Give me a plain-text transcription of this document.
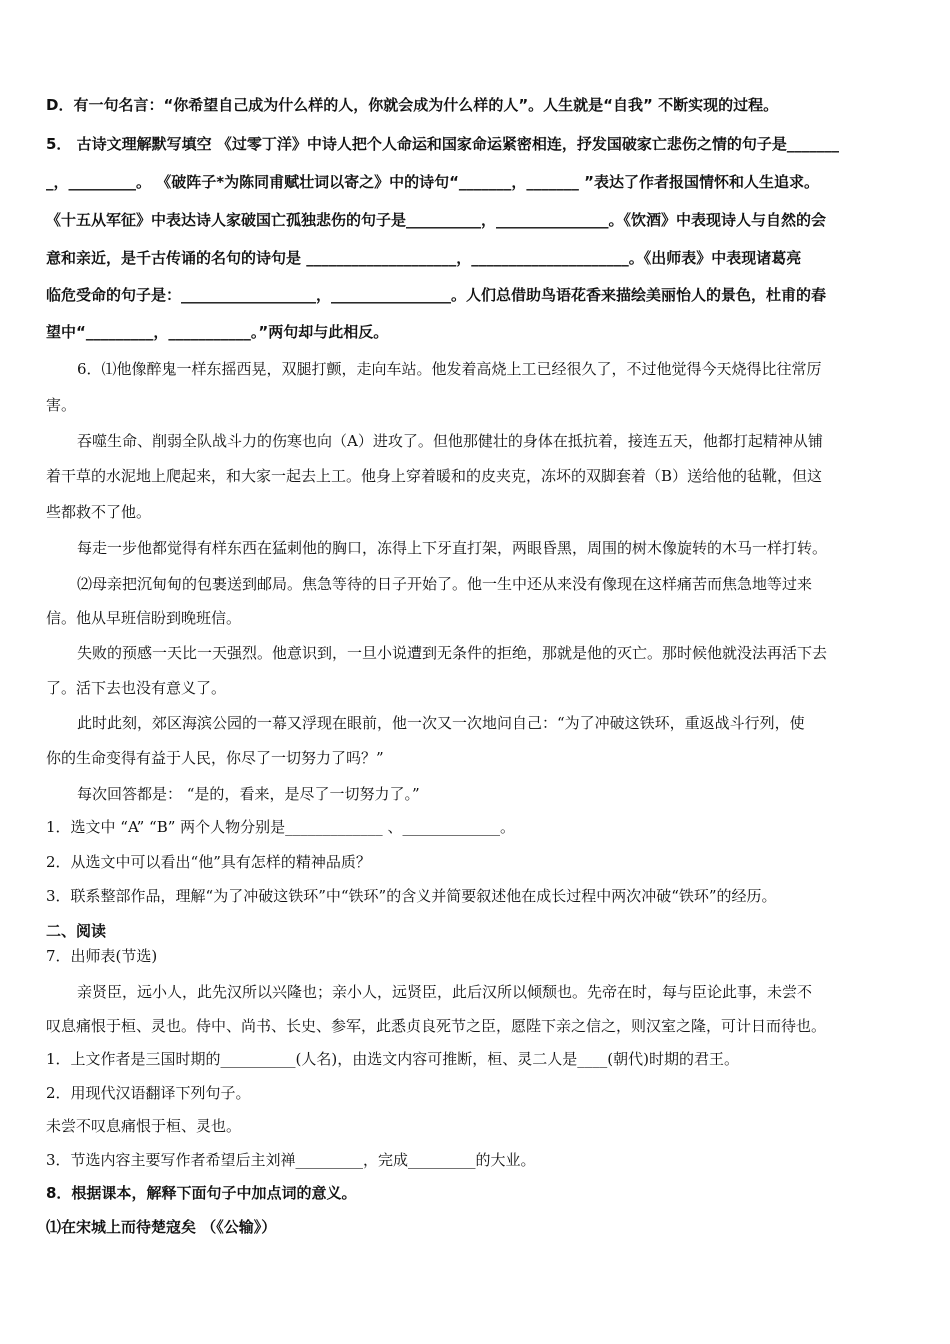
D．有一句名言：“你希望自己成为什么样的人，你就会成为什么样的人”。人生就是“自我” 不断实现的过程。
5． 古诗文理解默写填空 《过零丁洋》中诗人把个人命运和国家命运紧密相连，抒发国破家亡悲伤之情的句子是_______
_，_________。 《破阵子*为陈同甫赋壮词以寄之》中的诗句“_______，_______ ”表达了作者报国情怀和人生追求。
《十五从军征》中表达诗人家破国亡孤独悲伤的句子是__________，_______________。《饮酒》中表现诗人与自然的会
意和亲近，是千古传诵的名句的诗句是 ____________________，_____________________。《出师表》中表现诸葛亮
临危受命的句子是：__________________，________________。人们总借助鸟语花香来描绘美丽怡人的景色，杜甫的春
望中“_________，___________。”两句却与此相反。
6．⑴他像醉鬼一样东摇西晃，双腿打颤，走向车站。他发着高烧上工已经很久了，不过他觉得今天烧得比往常厉
害。
吞噬生命、削弱全队战斗力的伤寒也向（A）进攻了。但他那健壮的身体在抵抗着，接连五天，他都打起精神从铺
着干草的水泥地上爬起来，和大家一起去上工。他身上穿着暖和的皮夹克，冻坏的双脚套着（B）送给他的毡靴，但这
些都救不了他。
每走一步他都觉得有样东西在猛刺他的胸口，冻得上下牙直打架，两眼昏黑，周围的树木像旋转的木马一样打转。
⑵母亲把沉甸甸的包裹送到邮局。焦急等待的日子开始了。他一生中还从来没有像现在这样痛苦而焦急地等过来
信。他从早班信盼到晚班信。
失败的预感一天比一天强烈。他意识到，一旦小说遭到无条件的拒绝，那就是他的灭亡。那时候他就没法再活下去
了。活下去也没有意义了。
此时此刻，郊区海滨公园的一幕又浮现在眼前，他一次又一次地问自己：“为了冲破这铁环，重返战斗行列，使
你的生命变得有益于人民，你尽了一切努力了吗？”
每次回答都是： “是的，看来，是尽了一切努力了。”
1．选文中 “A” “B” 两个人物分别是_____________ 、_____________。
2．从选文中可以看出“他”具有怎样的精神品质？
3．联系整部作品，理解“为了冲破这铁环”中“铁环”的含义并简要叙述他在成长过程中两次冲破“铁环”的经历。
二、阅读
7．出师表(节选)
亲贤臣，远小人，此先汉所以兴隆也；亲小人，远贤臣，此后汉所以倾颓也。先帝在时，每与臣论此事，未尝不
叹息痛恨于桓、灵也。侍中、尚书、长史、参军，此悉贞良死节之臣，愿陛下亲之信之，则汉室之隆，可计日而待也。
1．上文作者是三国时期的__________(人名)，由选文内容可推断，桓、灵二人是____(朝代)时期的君王。
2．用现代汉语翻译下列句子。
未尝不叹息痛恨于桓、灵也。
3．节选内容主要写作者希望后主刘禅_________，完成_________的大业。
8．根据课本，解释下面句子中加点词的意义。
⑴在宋城上而待楚寇矣 （《公输》）
